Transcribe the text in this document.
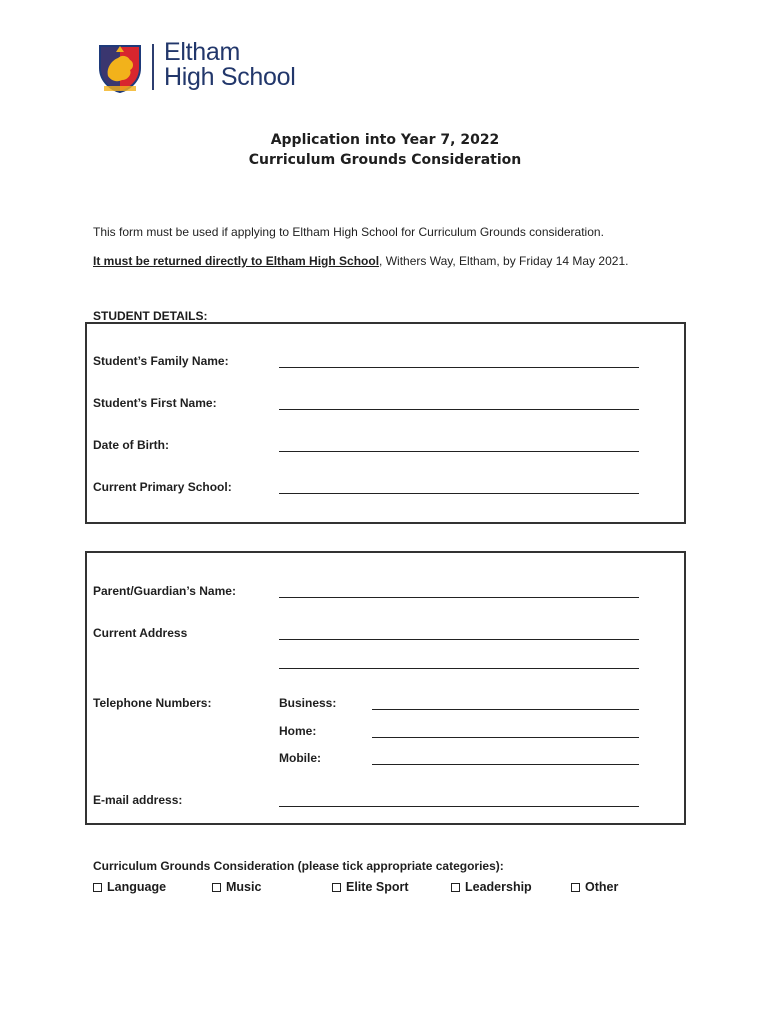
Eltham
High School
Application into Year 7, 2022
Curriculum Grounds Consideration
This form must be used if applying to Eltham High School for Curriculum Grounds consideration.
It must be returned directly to Eltham High School, Withers Way, Eltham, by Friday 14 May 2021.
STUDENT DETAILS:
Student’s Family Name:
Student’s First Name:
Date of Birth:
Current Primary School:
Parent/Guardian’s Name:
Current Address
Telephone Numbers:	Business:
Home:
Mobile:
E-mail address:
Curriculum Grounds Consideration (please tick appropriate categories):
Language	Music	Elite Sport	Leadership	Other
